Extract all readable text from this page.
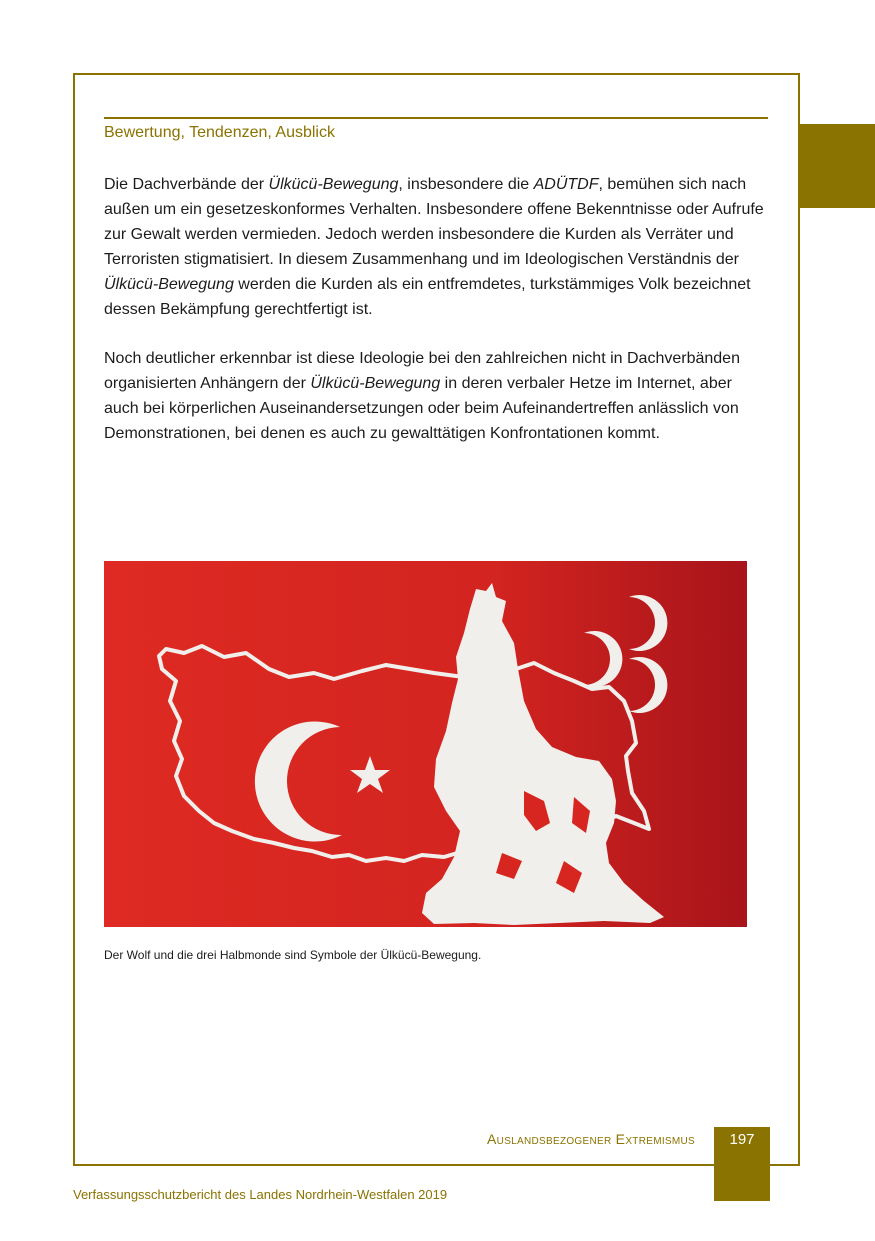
Bewertung, Tendenzen, Ausblick

Die Dachverbände der Ülkücü-Bewegung, insbesondere die ADÜTDF, bemühen sich nach außen um ein gesetzeskonformes Verhalten. Insbesondere offene Bekenntnisse oder Aufrufe zur Gewalt werden vermieden. Jedoch werden insbesondere die Kurden als Verräter und Terroristen stigmatisiert. In diesem Zusammenhang und im Ideologischen Verständnis der Ülkücü-Bewegung werden die Kurden als ein entfremdetes, turkstämmiges Volk bezeichnet dessen Bekämpfung gerechtfertigt ist.

Noch deutlicher erkennbar ist diese Ideologie bei den zahlreichen nicht in Dachverbänden organisierten Anhängern der Ülkücü-Bewegung in deren verbaler Hetze im Internet, aber auch bei körperlichen Auseinandersetzungen oder beim Aufeinandertreffen anlässlich von Demonstrationen, bei denen es auch zu gewalttätigen Konfrontationen kommt.

Der Wolf und die drei Halbmonde sind Symbole der Ülkücü-Bewegung.

Auslandsbezogener Extremismus	197
Verfassungsschutzbericht des Landes Nordrhein-Westfalen 2019
